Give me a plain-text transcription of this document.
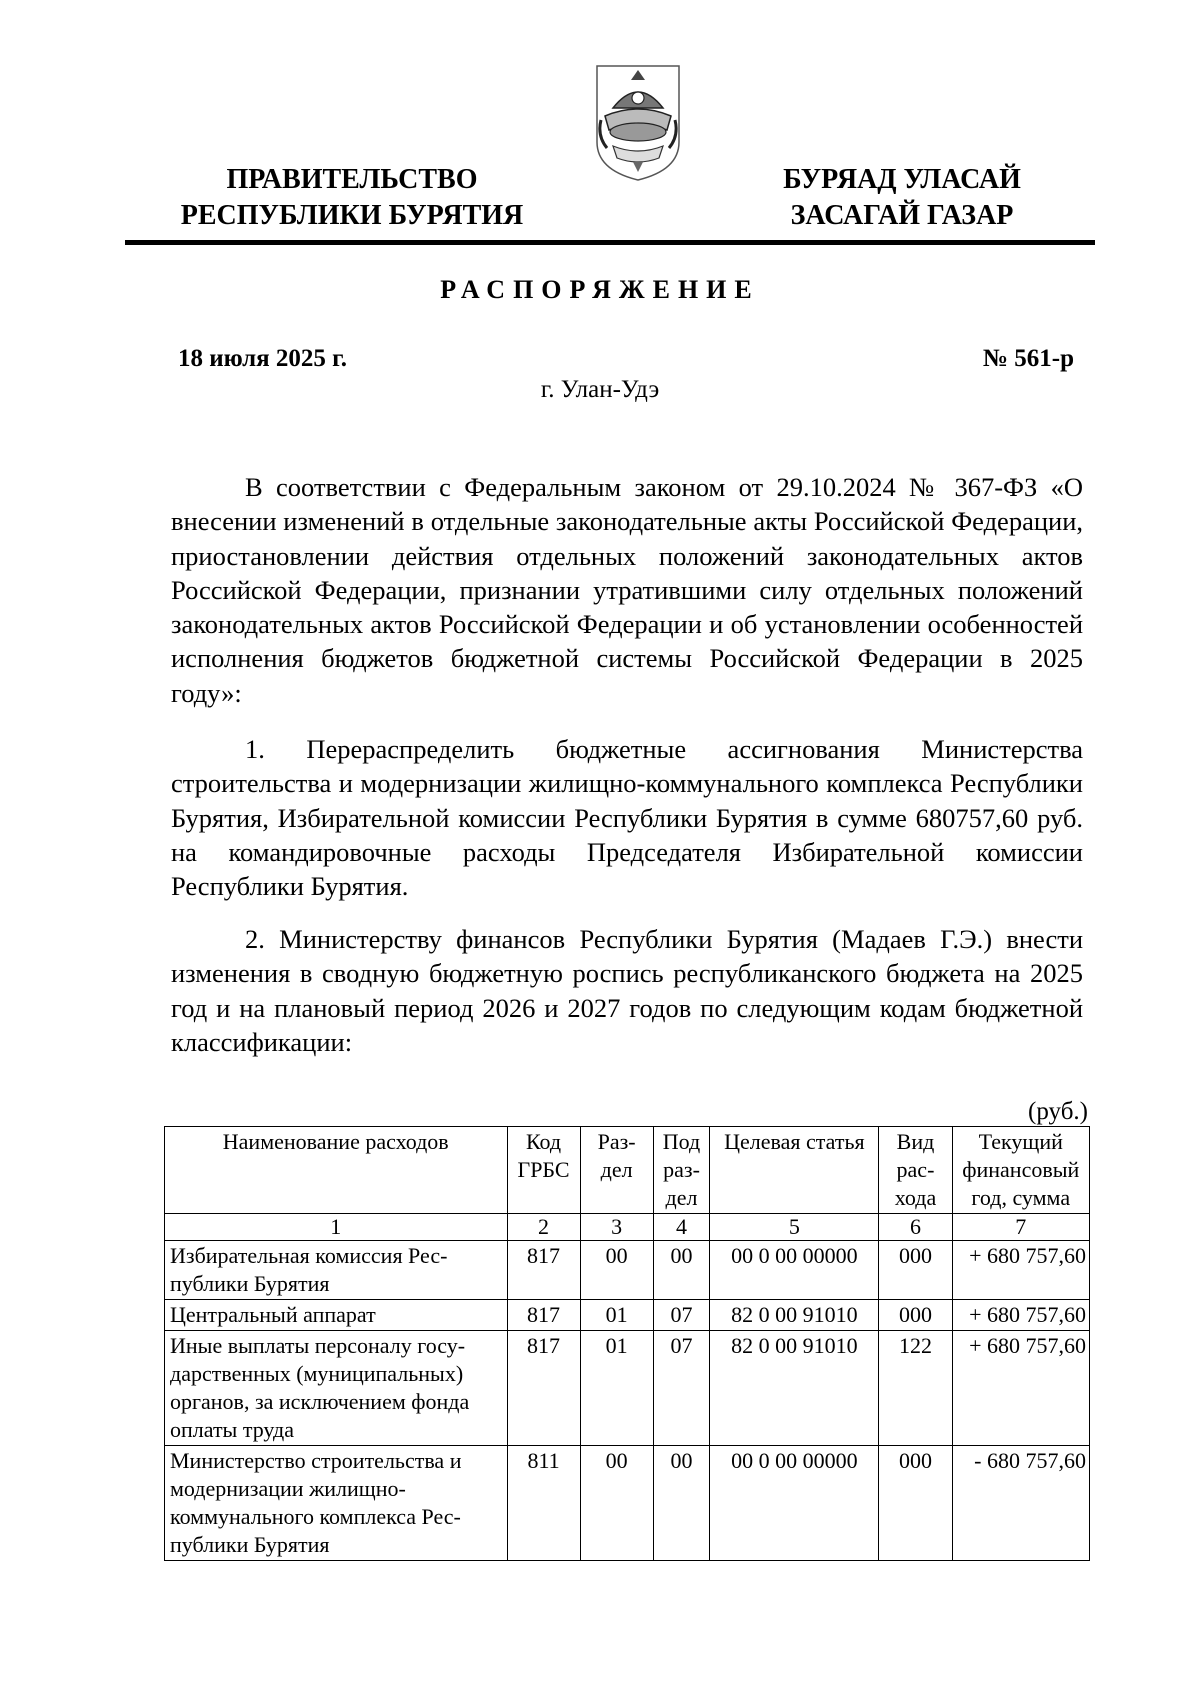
ПРАВИТЕЛЬСТВО
РЕСПУБЛИКИ БУРЯТИЯ
БУРЯАД УЛАСАЙ
ЗАСАГАЙ ГАЗАР
РАСПОРЯЖЕНИЕ
18 июля 2025 г.	№ 561-р
г. Улан-Удэ
В соответствии с Федеральным законом от 29.10.2024 № 367-ФЗ «О внесении изменений в отдельные законодательные акты Российской Федерации, приостановлении действия отдельных положений законодательных актов Российской Федерации, признании утратившими силу отдельных положений законодательных актов Российской Федерации и об установлении особенностей исполнения бюджетов бюджетной системы Российской Федерации в 2025 году»:
1. Перераспределить бюджетные ассигнования Министерства строительства и модернизации жилищно-коммунального комплекса Республики Бурятия, Избирательной комиссии Республики Бурятия в сумме 680757,60 руб. на командировочные расходы Председателя Избирательной комиссии Республики Бурятия.
2. Министерству финансов Республики Бурятия (Мадаев Г.Э.) внести изменения в сводную бюджетную роспись республиканского бюджета на 2025 год и на плановый период 2026 и 2027 годов по следующим кодам бюджетной классификации:
(руб.)
Наименование расходов	Код ГРБС	Раз- дел	Под раз- дел	Целевая статья	Вид рас- хода	Текущий финансовый год, сумма
1	2	3	4	5	6	7
Избирательная комиссия Рес- публики Бурятия	817	00	00	00 0 00 00000	000	+ 680 757,60
Центральный аппарат	817	01	07	82 0 00 91010	000	+ 680 757,60
Иные выплаты персоналу госу- дарственных (муниципальных) органов, за исключением фонда оплаты труда	817	01	07	82 0 00 91010	122	+ 680 757,60
Министерство строительства и модернизации жилищно- коммунального комплекса Рес- публики Бурятия	811	00	00	00 0 00 00000	000	- 680 757,60
